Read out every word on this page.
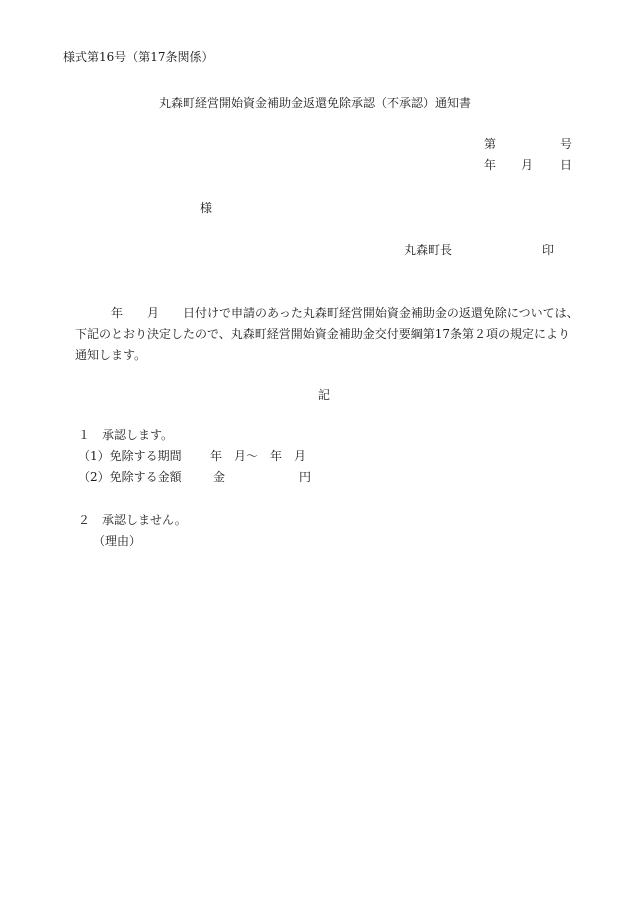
様式第16号（第17条関係）
丸森町経営開始資金補助金返還免除承認（不承認）通知書
第	号
年 月 日
様
丸森町長	印
　　　年　　月　　日付けで申請のあった丸森町経営開始資金補助金の返還免除については、
下記のとおり決定したので、丸森町経営開始資金補助金交付要綱第17条第２項の規定により
通知します。
記
１　承認します。
（1）免除する期間 年　月〜　年　月
（2）免除する金額	金	円
２　承認しません。
（理由）
